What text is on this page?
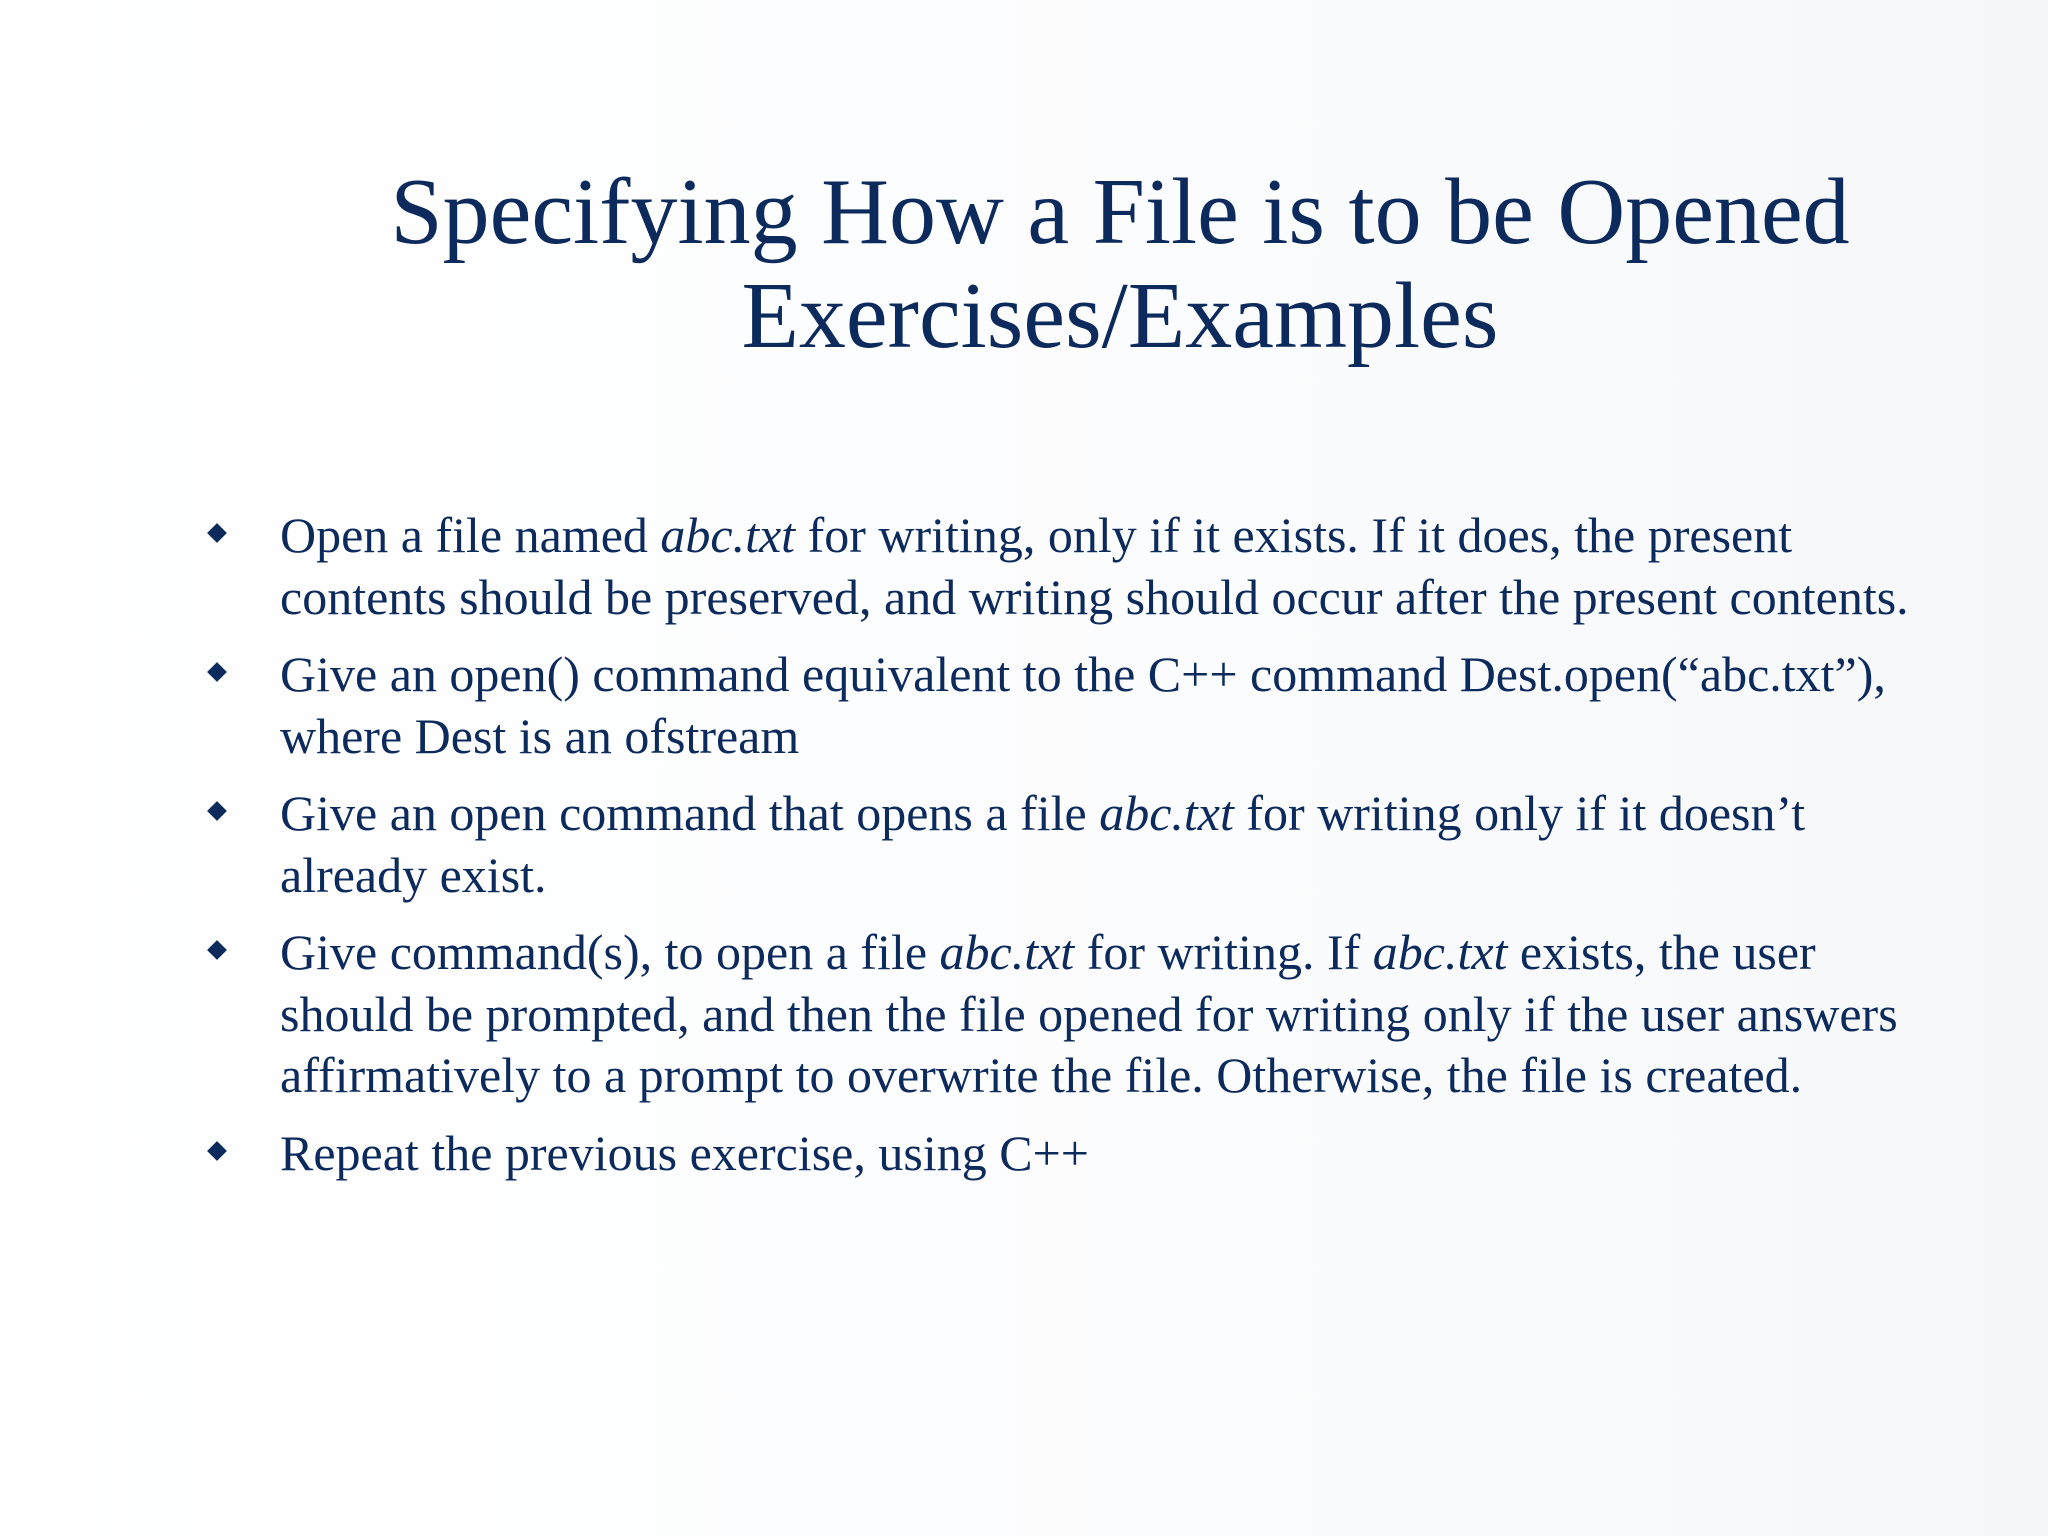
Specifying How a File is to be Opened
Exercises/Examples
Open a file named abc.txt for writing, only if it exists. If it does, the present contents should be preserved, and writing should occur after the present contents.
Give an open() command equivalent to the C++ command Dest.open(“abc.txt”), where Dest is an ofstream
Give an open command that opens a file abc.txt for writing only if it doesn’t already exist.
Give command(s), to open a file abc.txt for writing. If abc.txt exists, the user should be prompted, and then the file opened for writing only if the user answers affirmatively to a prompt to overwrite the file. Otherwise, the file is created.
Repeat the previous exercise, using C++
